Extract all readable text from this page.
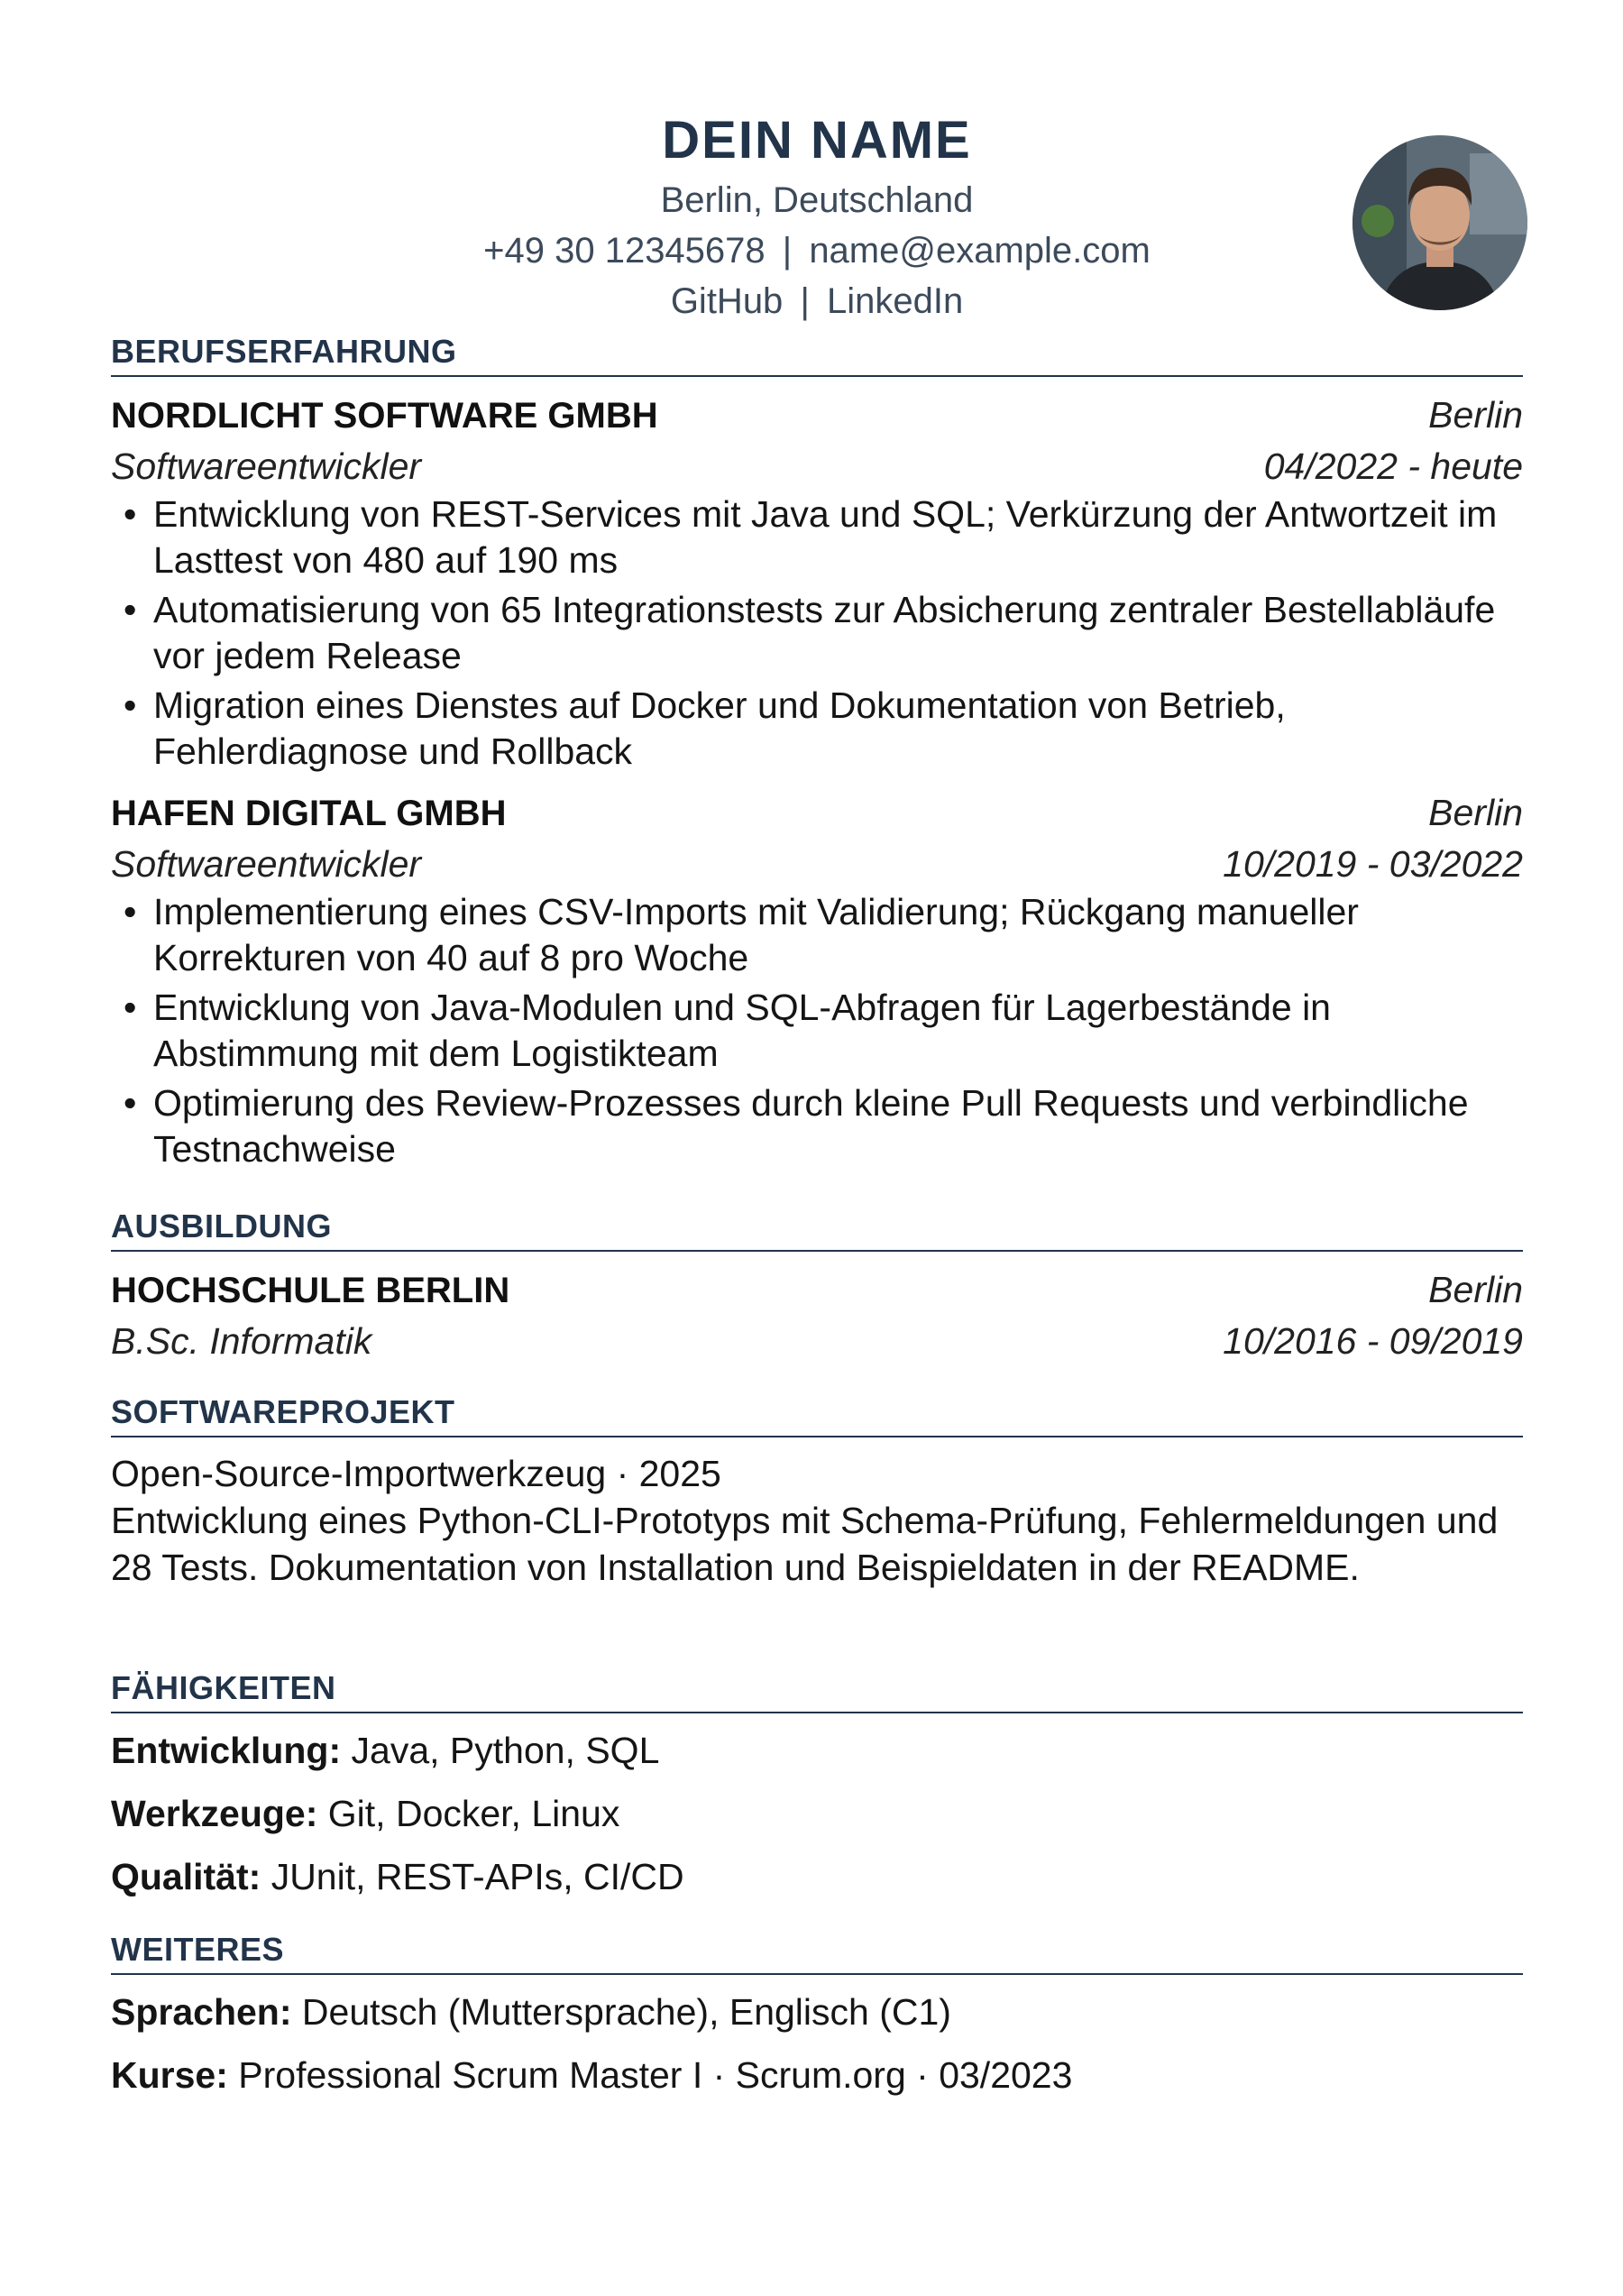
DEIN NAME
Berlin, Deutschland
+49 30 12345678 | name@example.com
GitHub | LinkedIn
BERUFSERFAHRUNG
NORDLICHT SOFTWARE GMBH	Berlin
Softwareentwickler	04/2022 - heute
• Entwicklung von REST-Services mit Java und SQL; Verkürzung der Antwortzeit im Lasttest von 480 auf 190 ms
• Automatisierung von 65 Integrationstests zur Absicherung zentraler Bestellabläufe vor jedem Release
• Migration eines Dienstes auf Docker und Dokumentation von Betrieb, Fehlerdiagnose und Rollback
HAFEN DIGITAL GMBH	Berlin
Softwareentwickler	10/2019 - 03/2022
• Implementierung eines CSV-Imports mit Validierung; Rückgang manueller Korrekturen von 40 auf 8 pro Woche
• Entwicklung von Java-Modulen und SQL-Abfragen für Lagerbestände in Abstimmung mit dem Logistikteam
• Optimierung des Review-Prozesses durch kleine Pull Requests und verbindliche Testnachweise
AUSBILDUNG
HOCHSCHULE BERLIN	Berlin
B.Sc. Informatik	10/2016 - 09/2019
SOFTWAREPROJEKT
Open-Source-Importwerkzeug · 2025
Entwicklung eines Python-CLI-Prototyps mit Schema-Prüfung, Fehlermeldungen und 28 Tests. Dokumentation von Installation und Beispieldaten in der README.
FÄHIGKEITEN
Entwicklung: Java, Python, SQL
Werkzeuge: Git, Docker, Linux
Qualität: JUnit, REST-APIs, CI/CD
WEITERES
Sprachen: Deutsch (Muttersprache), Englisch (C1)
Kurse: Professional Scrum Master I · Scrum.org · 03/2023
